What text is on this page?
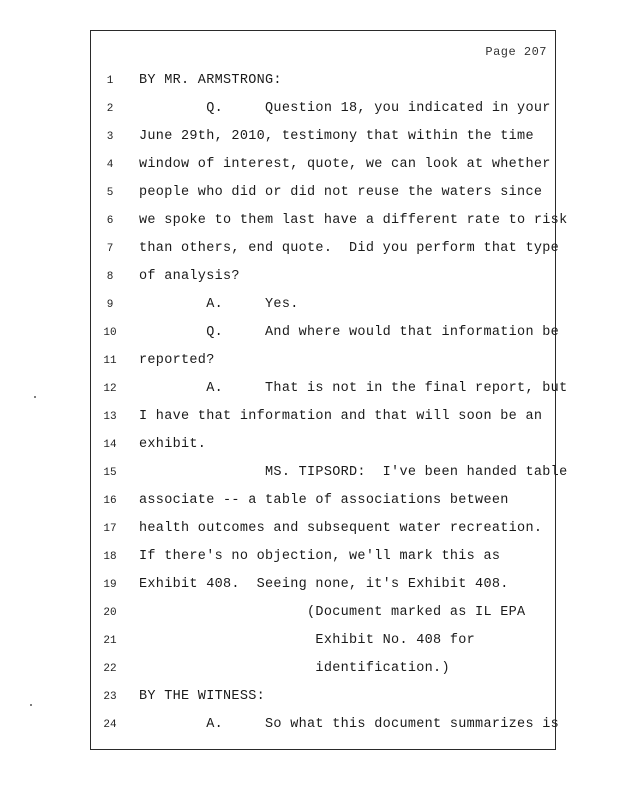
Page 207
1	BY MR. ARMSTRONG:
2	Q.     Question 18, you indicated in your
3	June 29th, 2010, testimony that within the time
4	window of interest, quote, we can look at whether
5	people who did or did not reuse the waters since
6	we spoke to them last have a different rate to risk
7	than others, end quote.  Did you perform that type
8	of analysis?
9	A.     Yes.
10	Q.     And where would that information be
11	reported?
12	A.     That is not in the final report, but
13	I have that information and that will soon be an
14	exhibit.
15	MS. TIPSORD:  I've been handed table
16	associate -- a table of associations between
17	health outcomes and subsequent water recreation.
18	If there's no objection, we'll mark this as
19	Exhibit 408.  Seeing none, it's Exhibit 408.
20	(Document marked as IL EPA
21	Exhibit No. 408 for
22	identification.)
23	BY THE WITNESS:
24	A.     So what this document summarizes is
